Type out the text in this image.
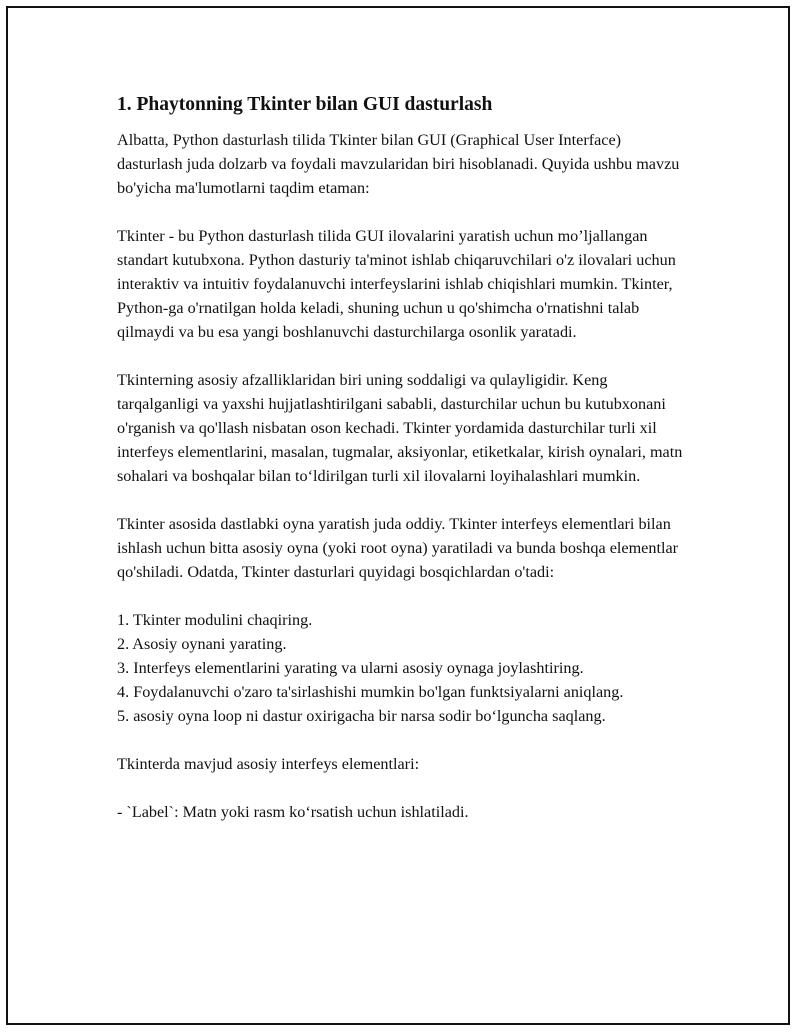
1. Phaytonning Tkinter bilan GUI dasturlash

Albatta, Python dasturlash tilida Tkinter bilan GUI (Graphical User Interface) dasturlash juda dolzarb va foydali mavzularidan biri hisoblanadi. Quyida ushbu mavzu bo'yicha ma'lumotlarni taqdim etaman:

Tkinter - bu Python dasturlash tilida GUI ilovalarini yaratish uchun mo’ljallangan standart kutubxona. Python dasturiy ta'minot ishlab chiqaruvchilari o'z ilovalari uchun interaktiv va intuitiv foydalanuvchi interfeyslarini ishlab chiqishlari mumkin. Tkinter, Python-ga o'rnatilgan holda keladi, shuning uchun u qo'shimcha o'rnatishni talab qilmaydi va bu esa yangi boshlanuvchi dasturchilarga osonlik yaratadi.

Tkinterning asosiy afzalliklaridan biri uning soddaligi va qulayligidir. Keng tarqalganligi va yaxshi hujjatlashtirilgani sababli, dasturchilar uchun bu kutubxonani o'rganish va qo'llash nisbatan oson kechadi. Tkinter yordamida dasturchilar turli xil interfeys elementlarini, masalan, tugmalar, aksiyonlar, etiketkalar, kirish oynalari, matn sohalari va boshqalar bilan to‘ldirilgan turli xil ilovalarni loyihalashlari mumkin.

Tkinter asosida dastlabki oyna yaratish juda oddiy. Tkinter interfeys elementlari bilan ishlash uchun bitta asosiy oyna (yoki root oyna) yaratiladi va bunda boshqa elementlar qo'shiladi. Odatda, Tkinter dasturlari quyidagi bosqichlardan o'tadi:

1. Tkinter modulini chaqiring.
2. Asosiy oynani yarating.
3. Interfeys elementlarini yarating va ularni asosiy oynaga joylashtiring.
4. Foydalanuvchi o'zaro ta'sirlashishi mumkin bo'lgan funktsiyalarni aniqlang.
5. asosiy oyna loop ni dastur oxirigacha bir narsa sodir bo‘lguncha saqlang.

Tkinterda mavjud asosiy interfeys elementlari:

- `Label`: Matn yoki rasm ko‘rsatish uchun ishlatiladi.
